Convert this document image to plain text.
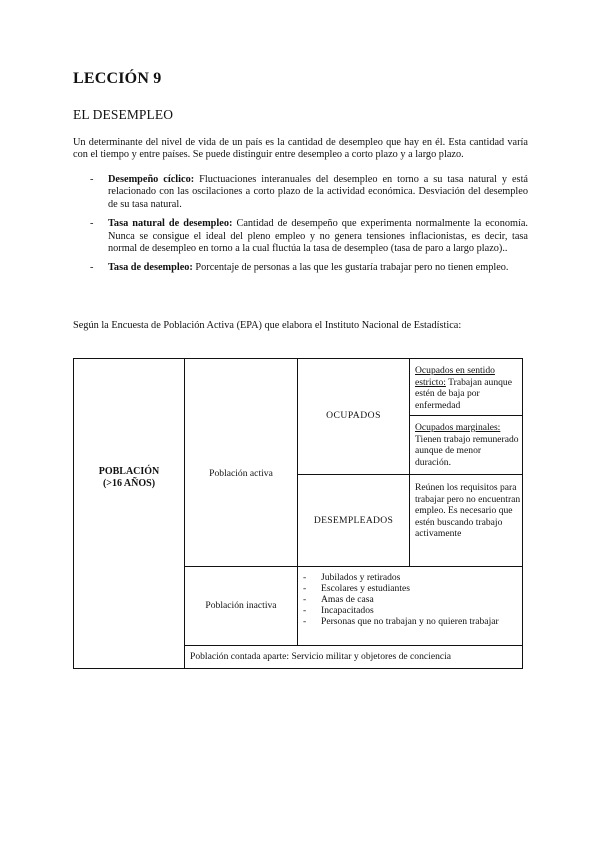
LECCIÓN 9
EL DESEMPLEO
Un determinante del nivel de vida de un país es la cantidad de desempleo que hay en él. Esta cantidad varía con el tiempo y entre países. Se puede distinguir entre desempleo a corto plazo y a largo plazo.
- Desempeño cíclico: Fluctuaciones interanuales del desempleo en torno a su tasa natural y está relacionado con las oscilaciones a corto plazo de la actividad económica. Desviación del desempleo de su tasa natural.
- Tasa natural de desempleo: Cantidad de desempeño que experimenta normalmente la economía. Nunca se consigue el ideal del pleno empleo y no genera tensiones inflacionistas, es decir, tasa normal de desempleo en torno a la cual fluctúa la tasa de desempleo (tasa de paro a largo plazo)..
- Tasa de desempleo: Porcentaje de personas a las que les gustaría trabajar pero no tienen empleo.
Según la Encuesta de Población Activa (EPA) que elabora el Instituto Nacional de Estadística:
POBLACIÓN (>16 AÑOS)
Población activa
OCUPADOS
Ocupados en sentido estricto: Trabajan aunque estén de baja por enfermedad
Ocupados marginales: Tienen trabajo remunerado aunque de menor duración.
DESEMPLEADOS
Reúnen los requisitos para trabajar pero no encuentran empleo. Es necesario que estén buscando trabajo activamente
Población inactiva
- Jubilados y retirados
- Escolares y estudiantes
- Amas de casa
- Incapacitados
- Personas que no trabajan y no quieren trabajar
Población contada aparte: Servicio militar y objetores de conciencia
